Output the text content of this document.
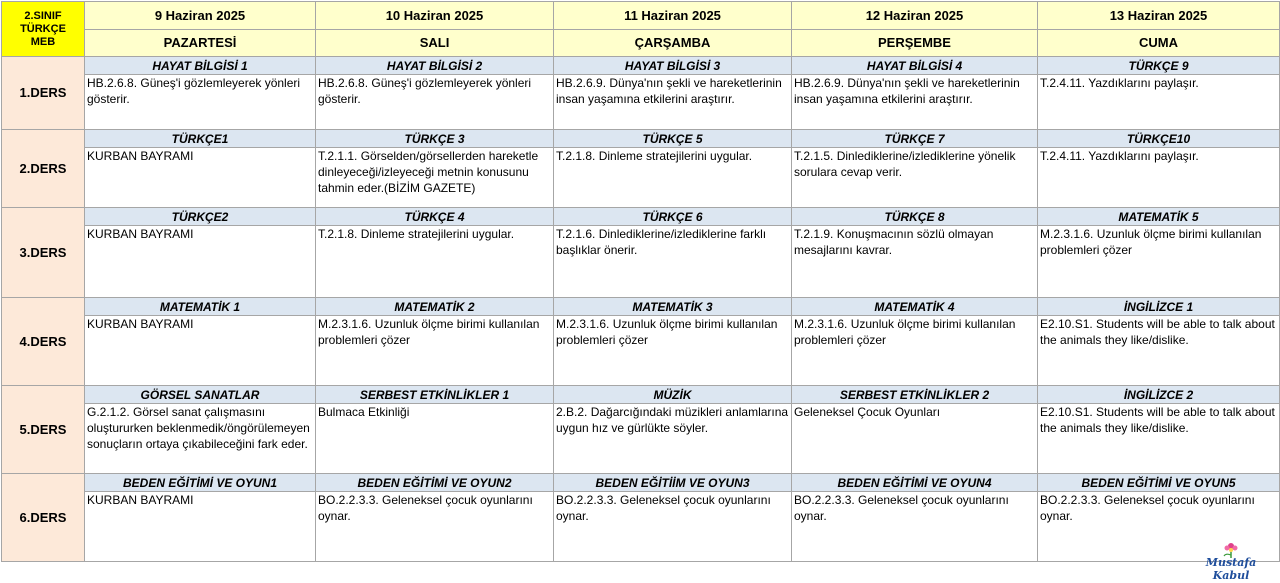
2.SINIF
TÜRKÇE
MEB	9 Haziran 2025	10 Haziran 2025	11 Haziran 2025	12 Haziran 2025	13 Haziran 2025
	PAZARTESİ	SALI	ÇARŞAMBA	PERŞEMBE	CUMA
1.DERS	HAYAT BİLGİSİ 1	HAYAT BİLGİSİ 2	HAYAT BİLGİSİ 3	HAYAT BİLGİSİ 4	TÜRKÇE 9
	HB.2.6.8. Güneş'i gözlemleyerek yönleri gösterir.	HB.2.6.8. Güneş'i gözlemleyerek yönleri gösterir.	HB.2.6.9. Dünya'nın şekli ve hareketlerinin insan yaşamına etkilerini araştırır.	HB.2.6.9. Dünya'nın şekli ve hareketlerinin insan yaşamına etkilerini araştırır.	T.2.4.11. Yazdıklarını paylaşır.
2.DERS	TÜRKÇE1	TÜRKÇE 3	TÜRKÇE 5	TÜRKÇE 7	TÜRKÇE10
	KURBAN BAYRAMI	T.2.1.1. Görselden/görsellerden hareketle dinleyeceği/izleyeceği metnin konusunu tahmin eder.(BİZİM GAZETE)	T.2.1.8. Dinleme stratejilerini uygular.	T.2.1.5. Dinlediklerine/izlediklerine yönelik sorulara cevap verir.	T.2.4.11. Yazdıklarını paylaşır.
3.DERS	TÜRKÇE2	TÜRKÇE 4	TÜRKÇE 6	TÜRKÇE 8	MATEMATİK 5
	KURBAN BAYRAMI	T.2.1.8. Dinleme stratejilerini uygular.	T.2.1.6. Dinlediklerine/izlediklerine farklı başlıklar önerir.	T.2.1.9. Konuşmacının sözlü olmayan mesajlarını kavrar.	M.2.3.1.6. Uzunluk ölçme birimi kullanılan problemleri çözer
4.DERS	MATEMATİK 1	MATEMATİK 2	MATEMATİK 3	MATEMATİK 4	İNGİLİZCE 1
	KURBAN BAYRAMI	M.2.3.1.6. Uzunluk ölçme birimi kullanılan problemleri çözer	M.2.3.1.6. Uzunluk ölçme birimi kullanılan problemleri çözer	M.2.3.1.6. Uzunluk ölçme birimi kullanılan problemleri çözer	E2.10.S1. Students will be able to talk about the animals they like/dislike.
5.DERS	GÖRSEL SANATLAR	SERBEST ETKİNLİKLER 1	MÜZİK	SERBEST ETKİNLİKLER 2	İNGİLİZCE 2
	G.2.1.2. Görsel sanat çalışmasını oluştururken beklenmedik/öngörülemeyen sonuçların ortaya çıkabileceğini fark eder.	Bulmaca Etkinliği	2.B.2. Dağarcığındaki müzikleri anlamlarına uygun hız ve gürlükte söyler.	Geleneksel Çocuk Oyunları	E2.10.S1. Students will be able to talk about the animals they like/dislike.
6.DERS	BEDEN EĞİTİMİ VE OYUN1	BEDEN EĞİTİMİ VE OYUN2	BEDEN EĞİTİİM VE OYUN3	BEDEN EĞİTİMİ VE OYUN4	BEDEN EĞİTİMİ VE OYUN5
	KURBAN BAYRAMI	BO.2.2.3.3. Geleneksel çocuk oyunlarını oynar.	BO.2.2.3.3. Geleneksel çocuk oyunlarını oynar.	BO.2.2.3.3. Geleneksel çocuk oyunlarını oynar.	BO.2.2.3.3. Geleneksel çocuk oyunlarını oynar.
Mustafa Kabul
